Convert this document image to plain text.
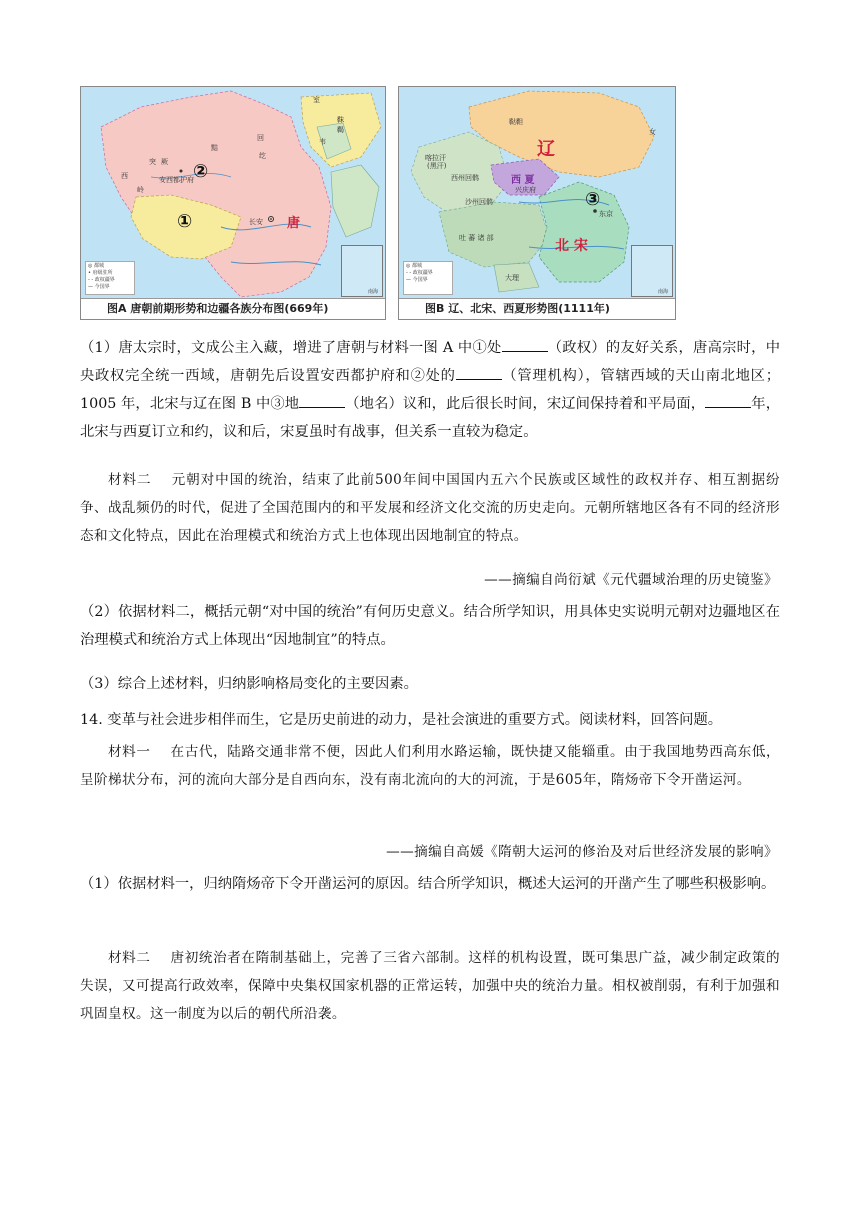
②
①	唐
长安
安西都护府
室
韦
回
纥
黠
突 厥
西
岭
靺
鞨
◎ 都城
• 府级驻所
- - 政权疆界
— 今国界
南海
图A 唐朝前期形势和边疆各族分布图(669年)
辽
西 夏
兴庆府
北 宋
③
东京
喀拉汗
(黑汗)
西州回鹘
吐 蕃 诸 部
大理
女
鞑靼
沙州回鹘
◎ 都城
- - 政权疆界
— 今国界
南海
图B 辽、北宋、西夏形势图(1111年)

（1）唐太宗时，文成公主入藏，增进了唐朝与材料一图 A 中①处	（政权）的友好关系，唐高宗时，中央政权完全统一西域，唐朝先后设置安西都护府和②处的	（管理机构），管辖西域的天山南北地区；1005 年，北宋与辽在图 B 中③地	（地名）议和，此后很长时间，宋辽间保持着和平局面，	年，北宋与西夏订立和约，议和后，宋夏虽时有战事，但关系一直较为稳定。

材料二 元朝对中国的统治，结束了此前500年间中国国内五六个民族或区域性的政权并存、相互割据纷争、战乱频仍的时代，促进了全国范围内的和平发展和经济文化交流的历史走向。元朝所辖地区各有不同的经济形态和文化特点，因此在治理模式和统治方式上也体现出因地制宜的特点。

——摘编自尚衍斌《元代疆域治理的历史镜鉴》

（2）依据材料二，概括元朝“对中国的统治”有何历史意义。结合所学知识，用具体史实说明元朝对边疆地区在治理模式和统治方式上体现出“因地制宜”的特点。

（3）综合上述材料，归纳影响格局变化的主要因素。

14. 变革与社会进步相伴而生，它是历史前进的动力，是社会演进的重要方式。阅读材料，回答问题。

材料一 在古代，陆路交通非常不便，因此人们利用水路运输，既快捷又能辎重。由于我国地势西高东低，呈阶梯状分布，河的流向大部分是自西向东，没有南北流向的大的河流，于是605年，隋炀帝下令开凿运河。

——摘编自高媛《隋朝大运河的修治及对后世经济发展的影响》

（1）依据材料一，归纳隋炀帝下令开凿运河的原因。结合所学知识，概述大运河的开凿产生了哪些积极影响。

材料二 唐初统治者在隋制基础上，完善了三省六部制。这样的机构设置，既可集思广益，减少制定政策的失误，又可提高行政效率，保障中央集权国家机器的正常运转，加强中央的统治力量。相权被削弱，有利于加强和巩固皇权。这一制度为以后的朝代所沿袭。
